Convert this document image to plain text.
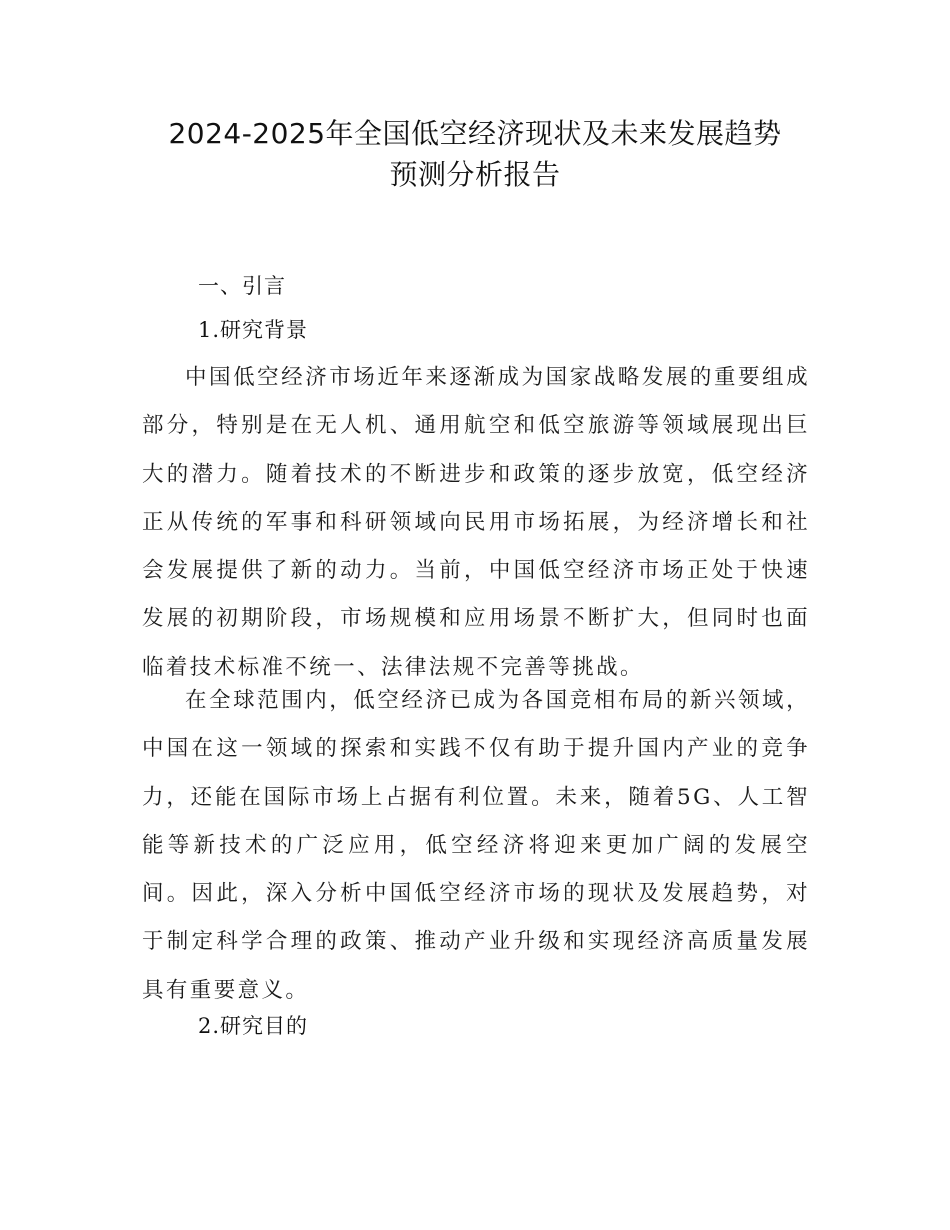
2024-2025年全国低空经济现状及未来发展趋势
预测分析报告
一、引言
1.研究背景
中国低空经济市场近年来逐渐成为国家战略发展的重要组成部分，特别是在无人机、通用航空和低空旅游等领域展现出巨大的潜力。随着技术的不断进步和政策的逐步放宽，低空经济正从传统的军事和科研领域向民用市场拓展，为经济增长和社会发展提供了新的动力。当前，中国低空经济市场正处于快速发展的初期阶段，市场规模和应用场景不断扩大，但同时也面临着技术标准不统一、法律法规不完善等挑战。
在全球范围内，低空经济已成为各国竞相布局的新兴领域，中国在这一领域的探索和实践不仅有助于提升国内产业的竞争力，还能在国际市场上占据有利位置。未来，随着5G、人工智能等新技术的广泛应用，低空经济将迎来更加广阔的发展空间。因此，深入分析中国低空经济市场的现状及发展趋势，对于制定科学合理的政策、推动产业升级和实现经济高质量发展具有重要意义。
2.研究目的
